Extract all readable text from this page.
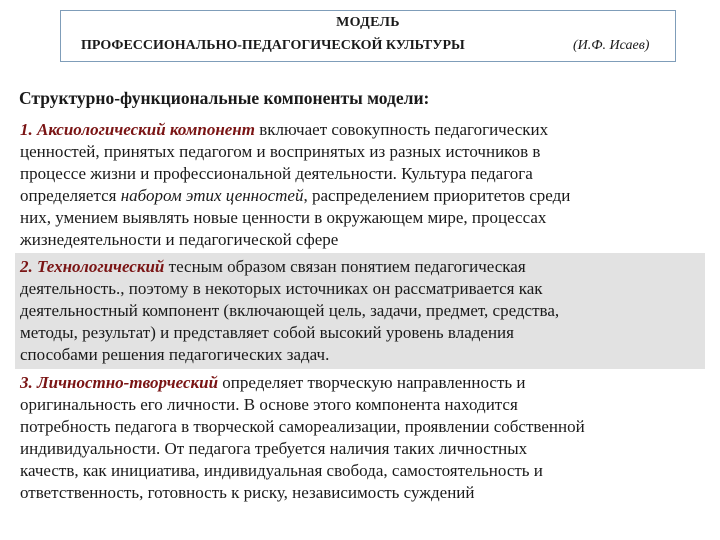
МОДЕЛЬ
ПРОФЕССИОНАЛЬНО-ПЕДАГОГИЧЕСКОЙ КУЛЬТУРЫ	(И.Ф. Исаев)
Структурно-функциональные компоненты модели:
1. Аксиологический компонент включает совокупность педагогических
ценностей, принятых педагогом и воспринятых из разных источников в
процессе жизни и профессиональной деятельности. Культура педагога
определяется набором этих ценностей, распределением приоритетов среди
них, умением выявлять новые ценности в окружающем мире, процессах
жизнедеятельности и педагогической сфере
2. Технологический тесным образом связан понятием педагогическая
деятельность., поэтому в некоторых источниках он рассматривается как
деятельностный компонент (включающей цель, задачи, предмет, средства,
методы, результат) и представляет собой высокий уровень владения
способами решения педагогических задач.
3. Личностно-творческий определяет творческую направленность и
оригинальность его личности. В основе этого компонента находится
потребность педагога в творческой самореализации, проявлении собственной
индивидуальности. От педагога требуется наличия таких личностных
качеств, как инициатива, индивидуальная свобода, самостоятельность и
ответственность, готовность к риску, независимость суждений
